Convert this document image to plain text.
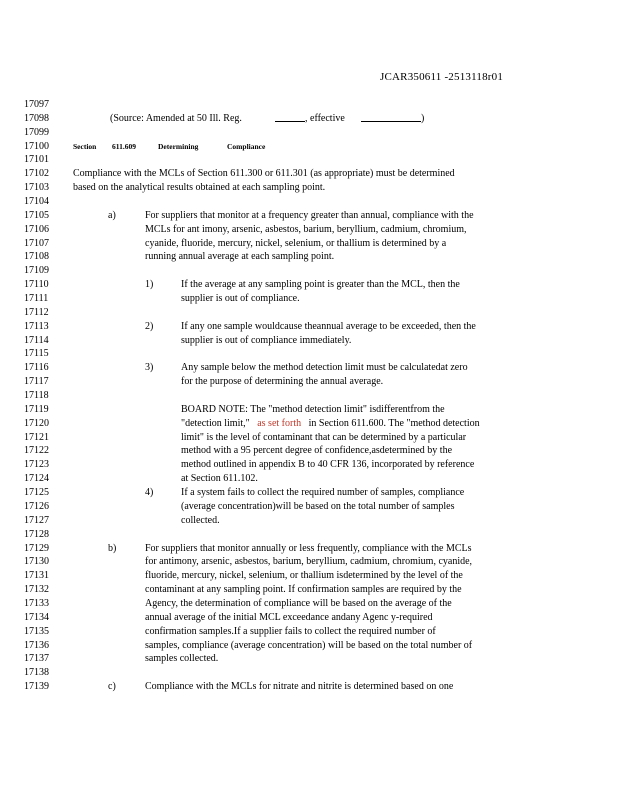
JCAR350611 -2513118r01
17097
17098
17099
17100
17101
17102
17103
17104
17105
17106
17107
17108
17109
17110
17111
17112
17113
17114
17115
17116
17117
17118
17119
17120
17121
17122
17123
17124
17125
17126
17127
17128
17129
17130
17131
17132
17133
17134
17135
17136
17137
17138
17139
(Source: Amended at 50 Ill. Reg.	, effective	)
Section 611.609	Determining	Compliance
Compliance with the MCLs of Section 611.300 or 611.301 (as appropriate) must be determined
based on the analytical results obtained at each sampling point.
a)	For suppliers that monitor at a frequency greater than annual, compliance with the
MCLs for ant imony, arsenic, asbestos, barium, beryllium, cadmium, chromium,
cyanide, fluoride, mercury, nickel, selenium, or thallium is determined by a
running annual average at each sampling point.
1)	If the average at any sampling point is greater than the MCL, then the
supplier is out of compliance.
2)	If any one sample wouldcause theannual average to be exceeded, then the
supplier is out of compliance immediately.
3)	Any sample below the method detection limit must be calculatedat zero
for the purpose of determining the annual average.
BOARD NOTE: The "method detection limit" isdifferentfrom the
"detection limit," as set forth in Section 611.600. The "method detection
limit" is the level of contaminant that can be determined by a particular
method with a 95 percent degree of confidence,asdetermined by the
method outlined in appendix B to 40 CFR 136, incorporated by reference
at Section 611.102.
4)	If a system fails to collect the required number of samples, compliance
(average concentration)will be based on the total number of samples
collected.
b)	For suppliers that monitor annually or less frequently, compliance with the MCLs
for antimony, arsenic, asbestos, barium, beryllium, cadmium, chromium, cyanide,
fluoride, mercury, nickel, selenium, or thallium isdetermined by the level of the
contaminant at any sampling point. If confirmation samples are required by the
Agency, the determination of compliance will be based on the average of the
annual average of the initial MCL exceedance andany Agenc y-required
confirmation samples.If a supplier fails to collect the required number of
samples, compliance (average concentration) will be based on the total number of
samples collected.
c)	Compliance with the MCLs for nitrate and nitrite is determined based on one
